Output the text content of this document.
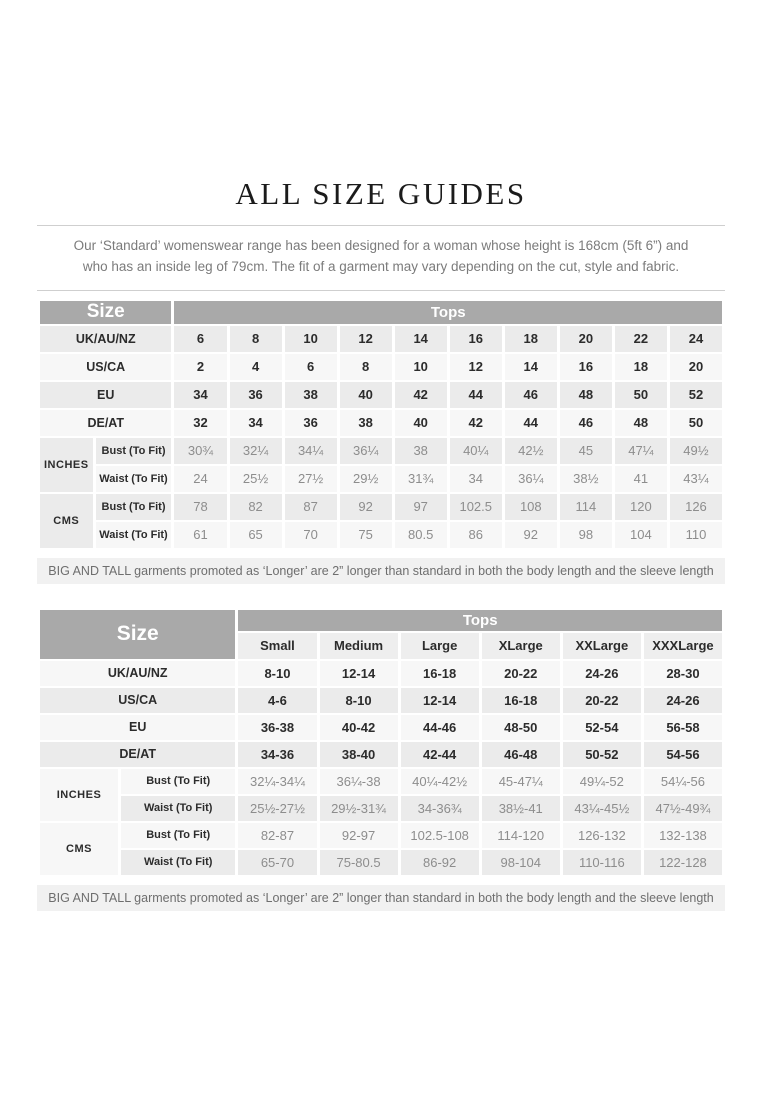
ALL SIZE GUIDES

Our ‘Standard’ womenswear range has been designed for a woman whose height is 168cm (5ft 6”) and
who has an inside leg of 79cm. The fit of a garment may vary depending on the cut, style and fabric.

Size		Tops									
UK/AU/NZ		6	8	10	12	14	16	18	20	22	24
US/CA		2	4	6	8	10	12	14	16	18	20
EU		34	36	38	40	42	44	46	48	50	52
DE/AT		32	34	36	38	40	42	44	46	48	50
INCHES	Bust (To Fit)	30¾	32¼	34¼	36¼	38	40¼	42½	45	47¼	49½
	Waist (To Fit)	24	25½	27½	29½	31¾	34	36¼	38½	41	43¼
CMS	Bust (To Fit)	78	82	87	92	97	102.5	108	114	120	126
	Waist (To Fit)	61	65	70	75	80.5	86	92	98	104	110
BIG AND TALL garments promoted as ‘Longer’ are 2” longer than standard in both the body length and the sleeve length
Size		Tops					
		Small	Medium	Large	XLarge	XXLarge	XXXLarge
UK/AU/NZ		8-10	12-14	16-18	20-22	24-26	28-30
US/CA		4-6	8-10	12-14	16-18	20-22	24-26
EU		36-38	40-42	44-46	48-50	52-54	56-58
DE/AT		34-36	38-40	42-44	46-48	50-52	54-56
INCHES	Bust (To Fit)	32¼-34¼	36¼-38	40¼-42½	45-47¼	49¼-52	54¼-56
	Waist (To Fit)	25½-27½	29½-31¾	34-36¾	38½-41	43¼-45½	47½-49¾
CMS	Bust (To Fit)	82-87	92-97	102.5-108	114-120	126-132	132-138
	Waist (To Fit)	65-70	75-80.5	86-92	98-104	110-116	122-128
BIG AND TALL garments promoted as ‘Longer’ are 2” longer than standard in both the body length and the sleeve length
